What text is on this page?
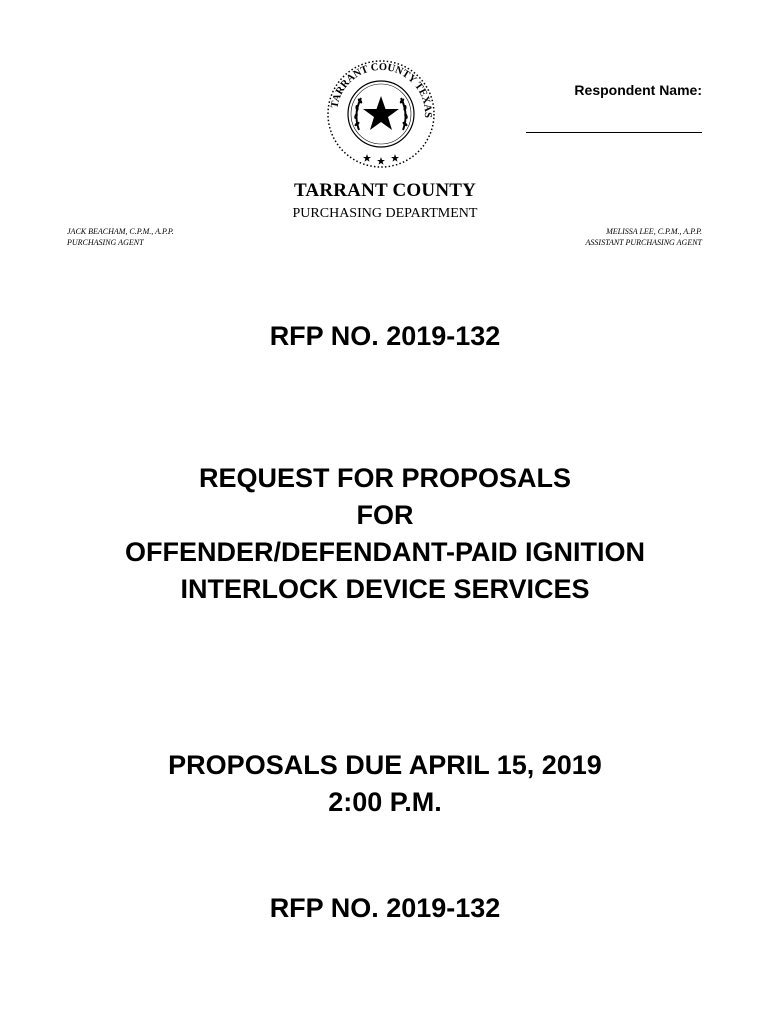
TARRANT COUNTY TEXAS
Respondent Name:
TARRANT COUNTY
PURCHASING DEPARTMENT
JACK BEACHAM, C.P.M., A.P.P.
PURCHASING AGENT
MELISSA LEE, C.P.M., A.P.P.
ASSISTANT PURCHASING AGENT
RFP NO. 2019-132
REQUEST FOR PROPOSALS
FOR
OFFENDER/DEFENDANT-PAID IGNITION
INTERLOCK DEVICE SERVICES
PROPOSALS DUE APRIL 15, 2019
2:00 P.M.
RFP NO. 2019-132
